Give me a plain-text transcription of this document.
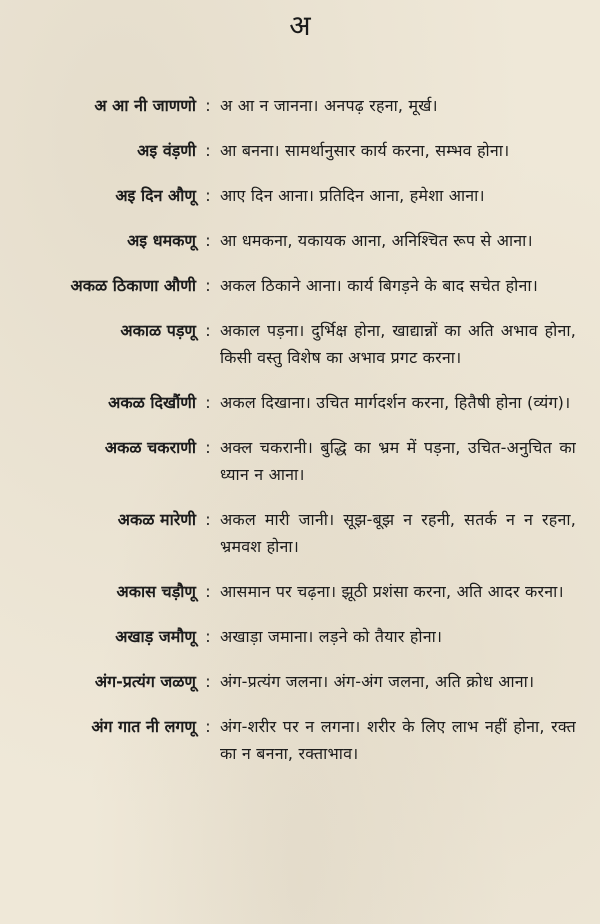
अ
अ आ नी जाणणो : अ आ न जानना। अनपढ़ रहना, मूर्ख।
अइ वंड़णी : आ बनना। सामर्थानुसार कार्य करना, सम्भव होना।
अइ दिन औणू : आए दिन आना। प्रतिदिन आना, हमेशा आना।
अइ धमकणू : आ धमकना, यकायक आना, अनिश्चित रूप से आना।
अकळ ठिकाणा औणी : अकल ठिकाने आना। कार्य बिगड़ने के बाद सचेत होना।
अकाळ पड़णू : अकाल पड़ना। दुर्भिक्ष होना, खाद्यान्नों का अति अभाव होना, किसी वस्तु विशेष का अभाव प्रगट करना।
अकळ दिखौंणी : अकल दिखाना। उचित मार्गदर्शन करना, हितैषी होना (व्यंग)।
अकळ चकराणी : अक्ल चकरानी। बुद्धि का भ्रम में पड़ना, उचित-अनुचित का ध्यान न आना।
अकळ मारेणी : अकल मारी जानी। सूझ-बूझ न रहनी, सतर्क न न रहना, भ्रमवश होना।
अकास चड़ौणू : आसमान पर चढ़ना। झूठी प्रशंसा करना, अति आदर करना।
अखाड़ जमौणू : अखाड़ा जमाना। लड़ने को तैयार होना।
अंग-प्रत्यंग जळणू : अंग-प्रत्यंग जलना। अंग-अंग जलना, अति क्रोध आना।
अंग गात नी लगणू : अंग-शरीर पर न लगना। शरीर के लिए लाभ नहीं होना, रक्त का न बनना, रक्ताभाव।
